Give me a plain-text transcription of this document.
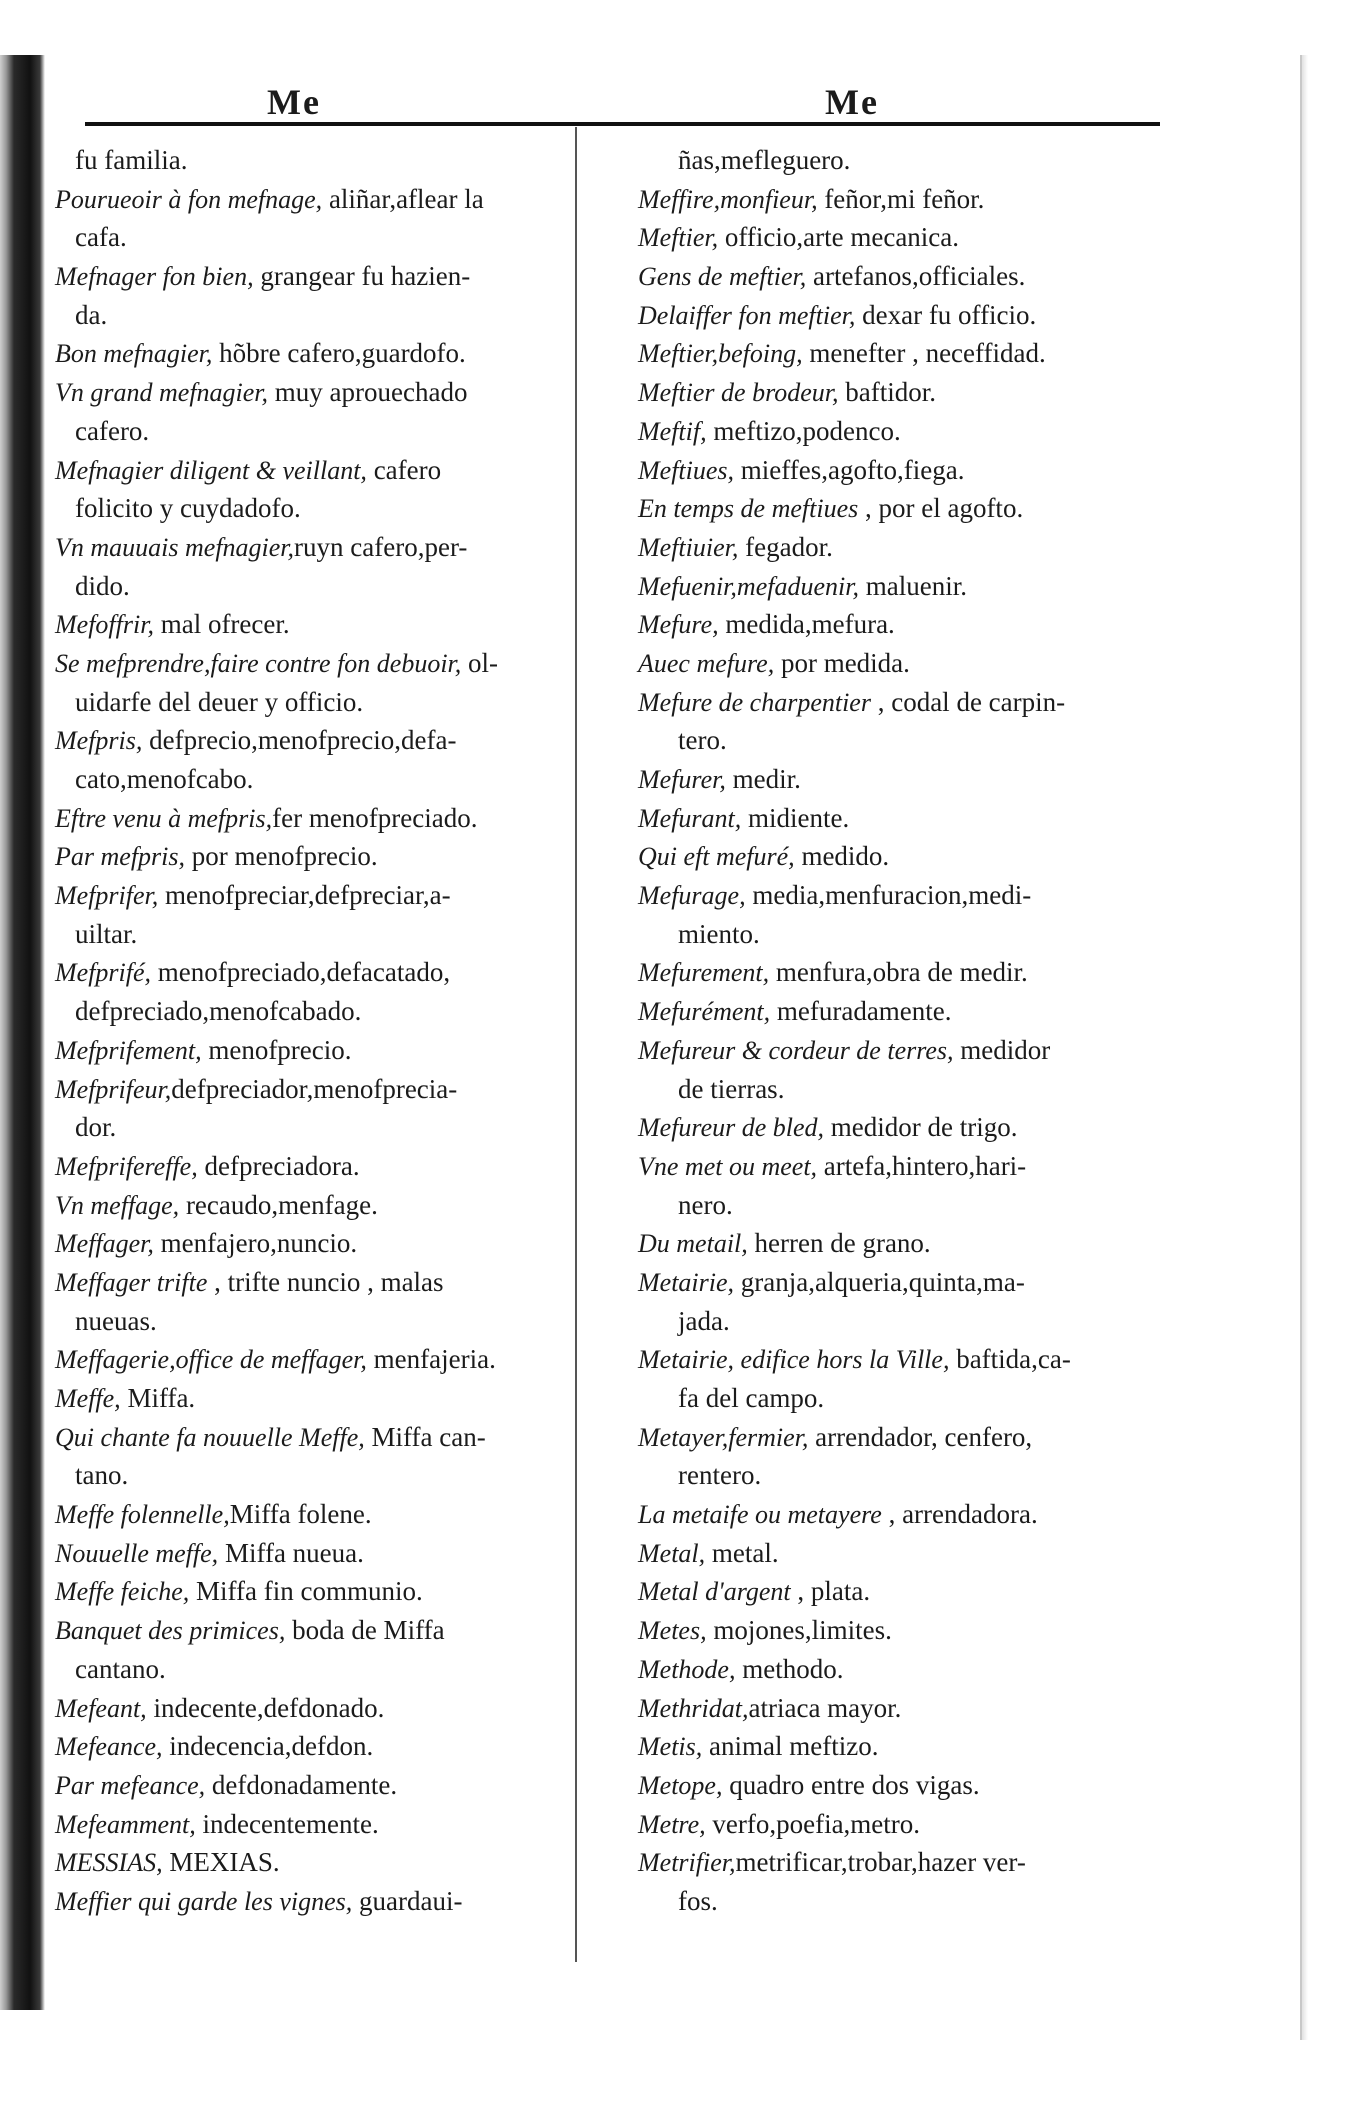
Me	Me
fu familia.
Pourueoir à fon mefnage, aliñar,aflear la
cafa.
Mefnager fon bien, grangear fu hazien-
da.
Bon mefnagier, hõbre cafero,guardofo.
Vn grand mefnagier, muy aprouechado
cafero.
Mefnagier diligent & veillant, cafero
folicito y cuydadofo.
Vn mauuais mefnagier,ruyn cafero,per-
dido.
Mefoffrir, mal ofrecer.
Se mefprendre,faire contre fon debuoir, ol-
uidarfe del deuer y officio.
Mefpris, defprecio,menofprecio,defa-
cato,menofcabo.
Eftre venu à mefpris,fer menofpreciado.
Par mefpris, por menofprecio.
Mefprifer, menofpreciar,defpreciar,a-
uiltar.
Mefprifé, menofpreciado,defacatado,
defpreciado,menofcabado.
Mefprifement, menofprecio.
Mefprifeur,defpreciador,menofprecia-
dor.
Mefprifereffe, defpreciadora.
Vn meffage, recaudo,menfage.
Meffager, menfajero,nuncio.
Meffager trifte , trifte nuncio , malas
nueuas.
Meffagerie,office de meffager, menfajeria.
Meffe, Miffa.
Qui chante fa nouuelle Meffe, Miffa can-
tano.
Meffe folennelle,Miffa folene.
Nouuelle meffe, Miffa nueua.
Meffe feiche, Miffa fin communio.
Banquet des primices, boda de Miffa
cantano.
Mefeant, indecente,defdonado.
Mefeance, indecencia,defdon.
Par mefeance, defdonadamente.
Mefeamment, indecentemente.
MESSIAS, MEXIAS.
Meffier qui garde les vignes, guardaui-
ñas,mefleguero.
Meffire,monfieur, feñor,mi feñor.
Meftier, officio,arte mecanica.
Gens de meftier, artefanos,officiales.
Delaiffer fon meftier, dexar fu officio.
Meftier,befoing, menefter , neceffidad.
Meftier de brodeur, baftidor.
Meftif, meftizo,podenco.
Meftiues, mieffes,agofto,fiega.
En temps de meftiues , por el agofto.
Meftiuier, fegador.
Mefuenir,mefaduenir, maluenir.
Mefure, medida,mefura.
Auec mefure, por medida.
Mefure de charpentier , codal de carpin-
tero.
Mefurer, medir.
Mefurant, midiente.
Qui eft mefuré, medido.
Mefurage, media,menfuracion,medi-
miento.
Mefurement, menfura,obra de medir.
Mefurément, mefuradamente.
Mefureur & cordeur de terres, medidor
de tierras.
Mefureur de bled, medidor de trigo.
Vne met ou meet, artefa,hintero,hari-
nero.
Du metail, herren de grano.
Metairie, granja,alqueria,quinta,ma-
jada.
Metairie, edifice hors la Ville, baftida,ca-
fa del campo.
Metayer,fermier, arrendador, cenfero,
rentero.
La metaife ou metayere , arrendadora.
Metal, metal.
Metal d'argent , plata.
Metes, mojones,limites.
Methode, methodo.
Methridat,atriaca mayor.
Metis, animal meftizo.
Metope, quadro entre dos vigas.
Metre, verfo,poefia,metro.
Metrifier,metrificar,trobar,hazer ver-
fos.
